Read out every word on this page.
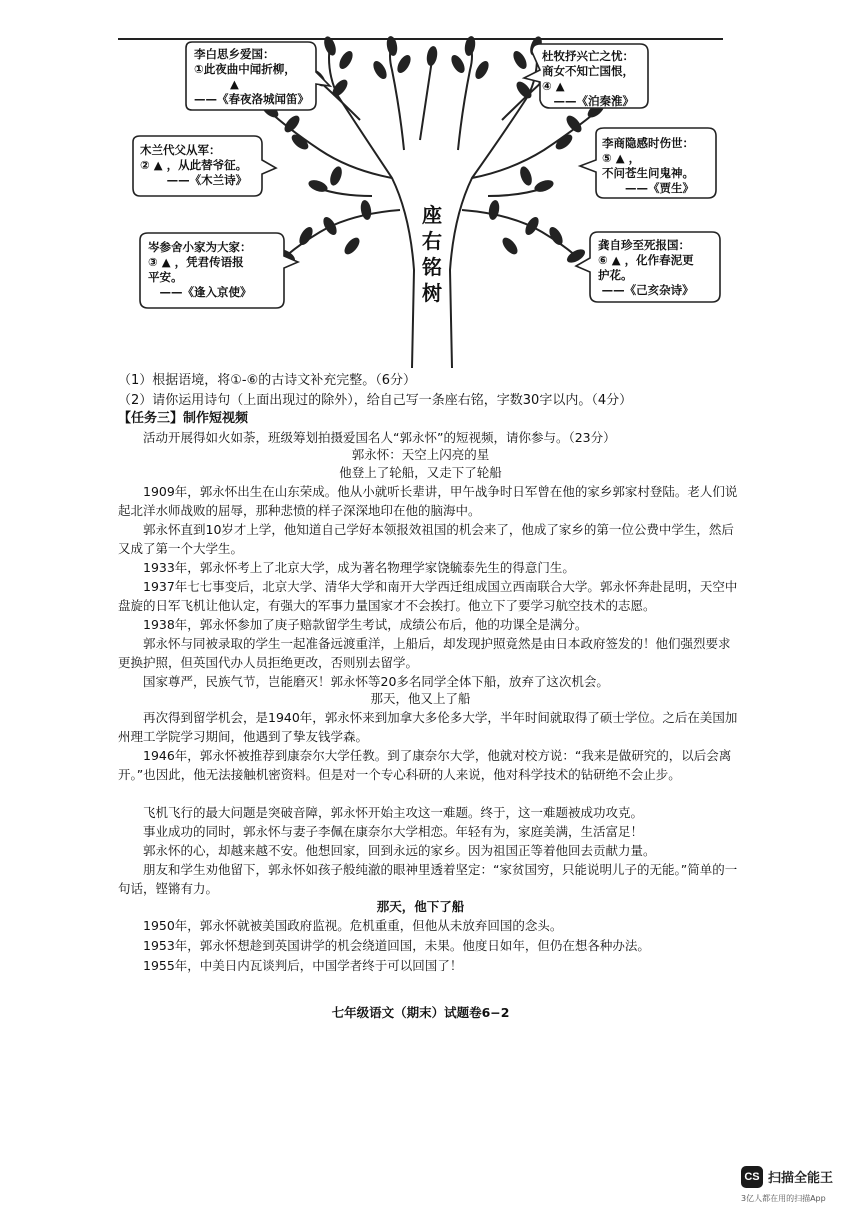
座
右
铭
树
李白思乡爱国：
①此夜曲中闻折柳，
▲
——《春夜洛城闻笛》
杜牧抒兴亡之忧：
商女不知亡国恨，
④ ▲
——《泊秦淮》
木兰代父从军：
② ▲ ，从此替爷征。
——《木兰诗》
李商隐感时伤世：
⑤ ▲ ，
不问苍生问鬼神。
——《贾生》
岑参舍小家为大家：
③ ▲ ，凭君传语报
平安。
——《逢入京使》
龚自珍至死报国：
⑥ ▲ ，化作春泥更
护花。
——《己亥杂诗》
（1）根据语境，将①-⑥的古诗文补充完整。（6分）
（2）请你运用诗句（上面出现过的除外），给自己写一条座右铭，字数30字以内。（4分）
【任务三】制作短视频
活动开展得如火如荼，班级筹划拍摄爱国名人“郭永怀”的短视频，请你参与。（23分）
郭永怀：天空上闪亮的星
他登上了轮船，又走下了轮船
1909年，郭永怀出生在山东荣成。他从小就听长辈讲，甲午战争时日军曾在他的家乡郭家村登陆。老人们说起北洋水师战败的屈辱，那种悲愤的样子深深地印在他的脑海中。
郭永怀直到10岁才上学，他知道自己学好本领报效祖国的机会来了，他成了家乡的第一位公费中学生，然后又成了第一个大学生。
1933年，郭永怀考上了北京大学，成为著名物理学家饶毓泰先生的得意门生。
1937年七七事变后，北京大学、清华大学和南开大学西迁组成国立西南联合大学。郭永怀奔赴昆明，天空中盘旋的日军飞机让他认定，有强大的军事力量国家才不会挨打。他立下了要学习航空技术的志愿。
1938年，郭永怀参加了庚子赔款留学生考试，成绩公布后，他的功课全是满分。
郭永怀与同被录取的学生一起准备远渡重洋，上船后，却发现护照竟然是由日本政府签发的！他们强烈要求更换护照，但英国代办人员拒绝更改，否则别去留学。
国家尊严，民族气节，岂能磨灭！郭永怀等20多名同学全体下船，放弃了这次机会。
那天，他又上了船
再次得到留学机会，是1940年，郭永怀来到加拿大多伦多大学，半年时间就取得了硕士学位。之后在美国加州理工学院学习期间，他遇到了挚友钱学森。
1946年，郭永怀被推荐到康奈尔大学任教。到了康奈尔大学，他就对校方说：“我来是做研究的，以后会离开。”也因此，他无法接触机密资料。但是对一个专心科研的人来说，他对科学技术的钻研绝不会止步。
飞机飞行的最大问题是突破音障，郭永怀开始主攻这一难题。终于，这一难题被成功攻克。
事业成功的同时，郭永怀与妻子李佩在康奈尔大学相恋。年轻有为，家庭美满，生活富足！
郭永怀的心，却越来越不安。他想回家，回到永远的家乡。因为祖国正等着他回去贡献力量。
朋友和学生劝他留下，郭永怀如孩子般纯澈的眼神里透着坚定：“家贫国穷，只能说明儿子的无能。”简单的一句话，铿锵有力。
那天，他下了船
1950年，郭永怀就被美国政府监视。危机重重，但他从未放弃回国的念头。
1953年，郭永怀想趁到英国讲学的机会绕道回国，未果。他度日如年，但仍在想各种办法。
1955年，中美日内瓦谈判后，中国学者终于可以回国了！
七年级语文（期末）试题卷6−2
CS 扫描全能王
3亿人都在用的扫描App
